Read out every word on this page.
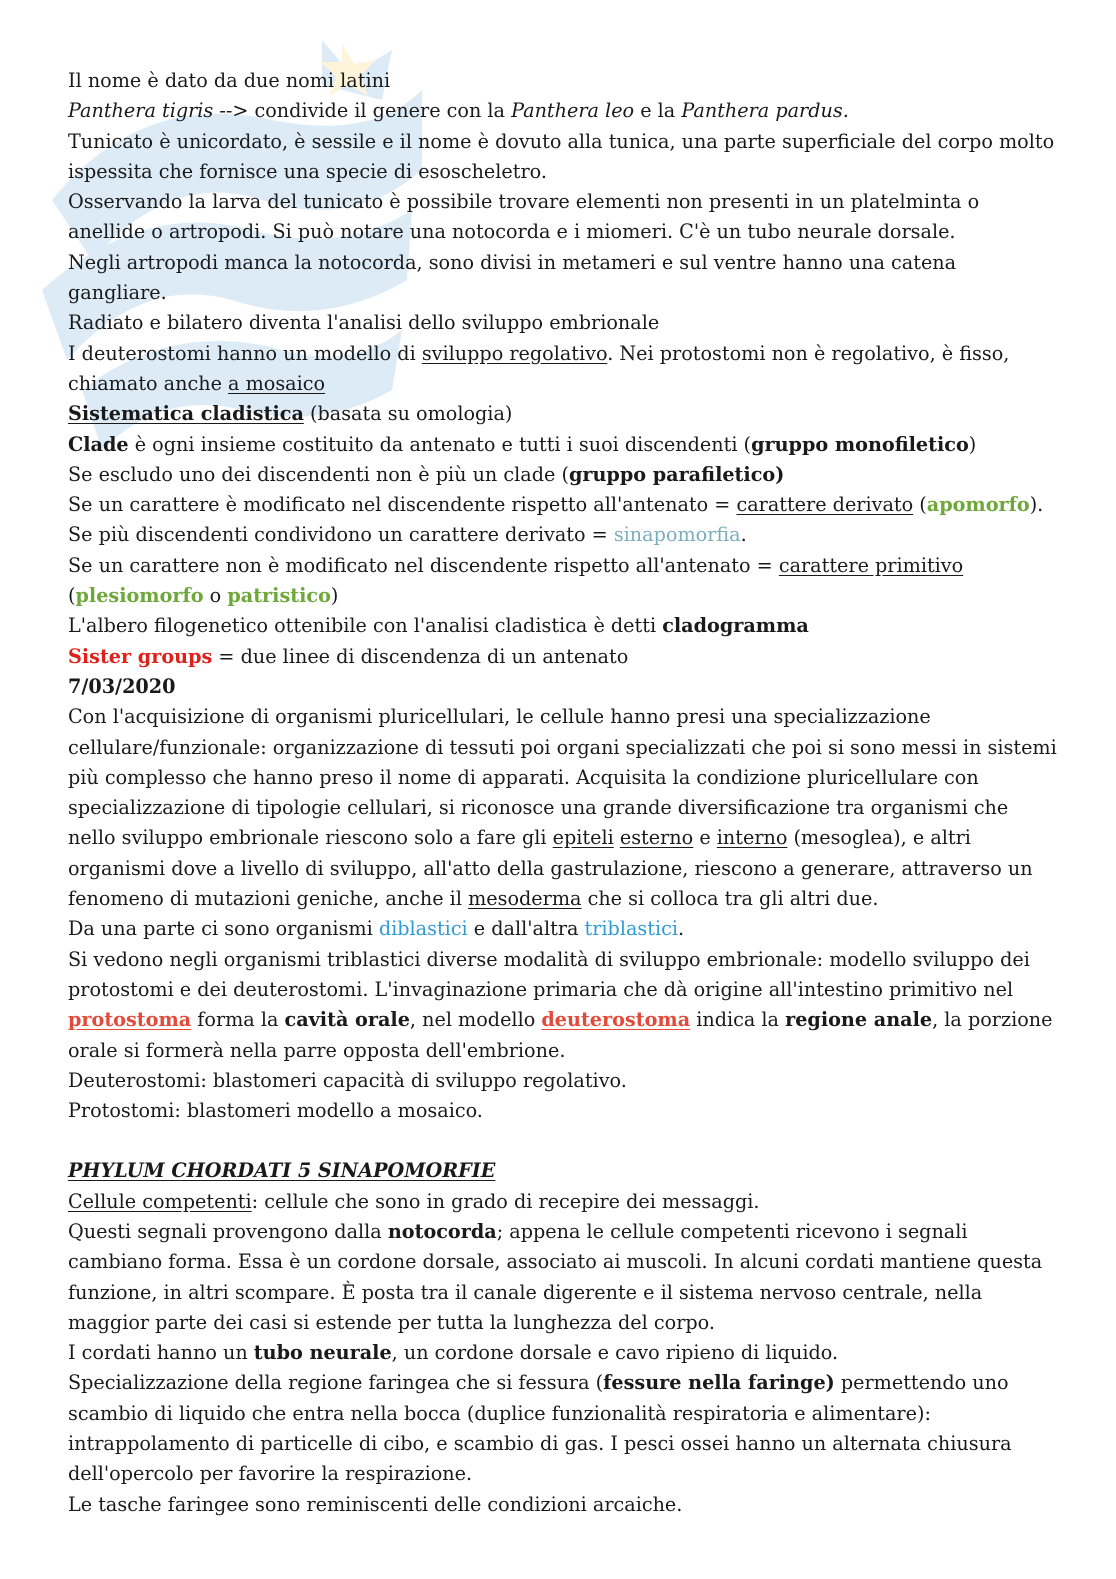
Il nome è dato da due nomi latini

Panthera tigris --> condivide il genere con la Panthera leo e la Panthera pardus.

Tunicato è unicordato, è sessile e il nome è dovuto alla tunica, una parte superficiale del corpo molto ispessita che fornisce una specie di esoscheletro.

Osservando la larva del tunicato è possibile trovare elementi non presenti in un platelminta o anellide o artropodi. Si può notare una notocorda e i miomeri. C'è un tubo neurale dorsale.

Negli artropodi manca la notocorda, sono divisi in metameri e sul ventre hanno una catena gangliare.

Radiato e bilatero diventa l'analisi dello sviluppo embrionale

I deuterostomi hanno un modello di sviluppo regolativo. Nei protostomi non è regolativo, è fisso, chiamato anche a mosaico

Sistematica cladistica (basata su omologia)

Clade è ogni insieme costituito da antenato e tutti i suoi discendenti (gruppo monofiletico)

Se escludo uno dei discendenti non è più un clade (gruppo parafiletico)

Se un carattere è modificato nel discendente rispetto all'antenato = carattere derivato (apomorfo). Se più discendenti condividono un carattere derivato = sinapomorfia.

Se un carattere non è modificato nel discendente rispetto all'antenato = carattere primitivo (plesiomorfo o patristico)

L'albero filogenetico ottenibile con l'analisi cladistica è detti cladogramma

Sister groups = due linee di discendenza di un antenato

7/03/2020

Con l'acquisizione di organismi pluricellulari, le cellule hanno presi una specializzazione cellulare/funzionale: organizzazione di tessuti poi organi specializzati che poi si sono messi in sistemi più complesso che hanno preso il nome di apparati. Acquisita la condizione pluricellulare con specializzazione di tipologie cellulari, si riconosce una grande diversificazione tra organismi che nello sviluppo embrionale riescono solo a fare gli epiteli esterno e interno (mesoglea), e altri organismi dove a livello di sviluppo, all'atto della gastrulazione, riescono a generare, attraverso un fenomeno di mutazioni geniche, anche il mesoderma che si colloca tra gli altri due.

Da una parte ci sono organismi diblastici e dall'altra triblastici.

Si vedono negli organismi triblastici diverse modalità di sviluppo embrionale: modello sviluppo dei protostomi e dei deuterostomi. L'invaginazione primaria che dà origine all'intestino primitivo nel protostoma forma la cavità orale, nel modello deuterostoma indica la regione anale, la porzione orale si formerà nella parre opposta dell'embrione.

Deuterostomi: blastomeri capacità di sviluppo regolativo.

Protostomi: blastomeri modello a mosaico.

PHYLUM CHORDATI 5 SINAPOMORFIE

Cellule competenti: cellule che sono in grado di recepire dei messaggi.

Questi segnali provengono dalla notocorda; appena le cellule competenti ricevono i segnali cambiano forma. Essa è un cordone dorsale, associato ai muscoli. In alcuni cordati mantiene questa funzione, in altri scompare. È posta tra il canale digerente e il sistema nervoso centrale, nella maggior parte dei casi si estende per tutta la lunghezza del corpo.

I cordati hanno un tubo neurale, un cordone dorsale e cavo ripieno di liquido.

Specializzazione della regione faringea che si fessura (fessure nella faringe) permettendo uno scambio di liquido che entra nella bocca (duplice funzionalità respiratoria e alimentare): intrappolamento di particelle di cibo, e scambio di gas. I pesci ossei hanno un alternata chiusura dell'opercolo per favorire la respirazione.

Le tasche faringee sono reminiscenti delle condizioni arcaiche.
